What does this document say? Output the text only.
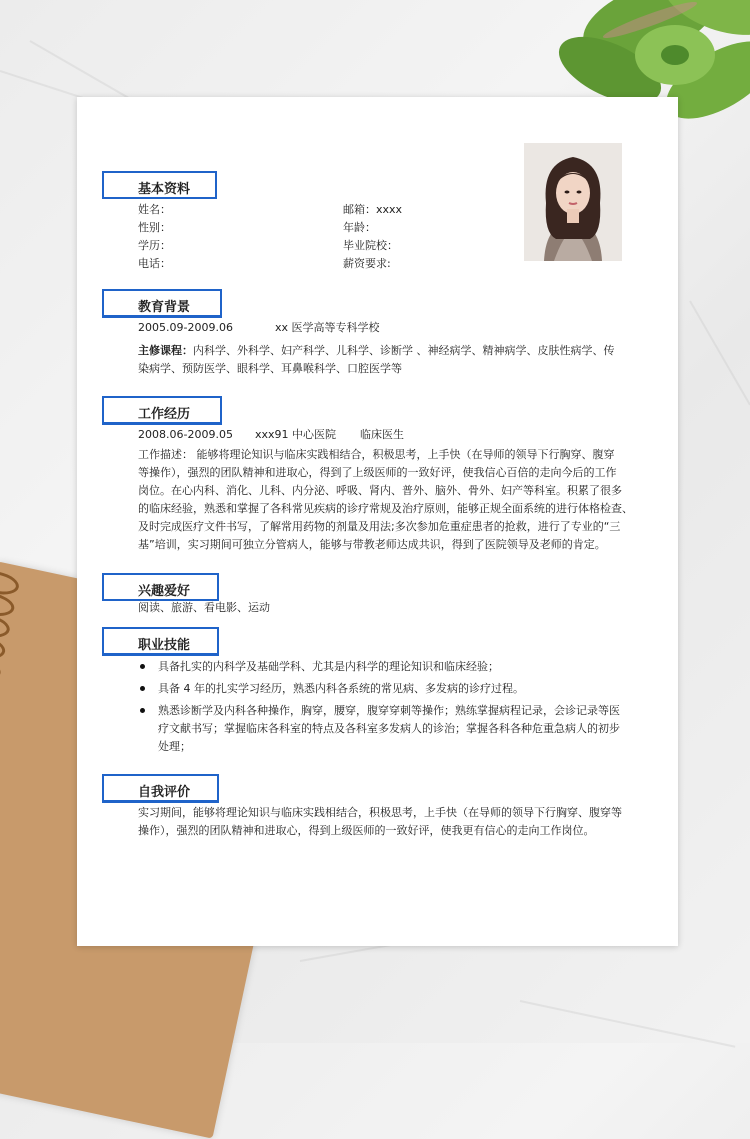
基本资料
姓名：
性别：
学历：
电话：
邮箱：xxxx
年龄：
毕业院校：
薪资要求:
教育背景
2005.09-2009.06	xx 医学高等专科学校
主修课程：内科学、外科学、妇产科学、儿科学、诊断学 、神经病学、精神病学、皮肤性病学、传
染病学、预防医学、眼科学、耳鼻喉科学、口腔医学等
工作经历
2008.06-2009.05 xxx91 中心医院 临床医生
工作描述： 能够将理论知识与临床实践相结合，积极思考，上手快（在导师的领导下行胸穿、腹穿
等操作），强烈的团队精神和进取心，得到了上级医师的一致好评，使我信心百倍的走向今后的工作
岗位。在心内科、消化、儿科、内分泌、呼吸、肾内、普外、脑外、骨外、妇产等科室。积累了很多
的临床经验，熟悉和掌握了各科常见疾病的诊疗常规及治疗原则，能够正规全面系统的进行体格检查、
及时完成医疗文件书写，了解常用药物的剂量及用法;多次参加危重症患者的抢救，进行了专业的“三
基”培训，实习期间可独立分管病人，能够与带教老师达成共识，得到了医院领导及老师的肯定。
兴趣爱好
阅读、旅游、看电影、运动
职业技能
具备扎实的内科学及基础学科、尤其是内科学的理论知识和临床经验；
具备 4 年的扎实学习经历，熟悉内科各系统的常见病、多发病的诊疗过程。
熟悉诊断学及内科各种操作，胸穿，腰穿，腹穿穿刺等操作；熟练掌握病程记录，会诊记录等医
疗文献书写；掌握临床各科室的特点及各科室多发病人的诊治；掌握各科各种危重急病人的初步
处理；
自我评价
实习期间，能够将理论知识与临床实践相结合，积极思考，上手快（在导师的领导下行胸穿、腹穿等
操作），强烈的团队精神和进取心，得到上级医师的一致好评，使我更有信心的走向工作岗位。
